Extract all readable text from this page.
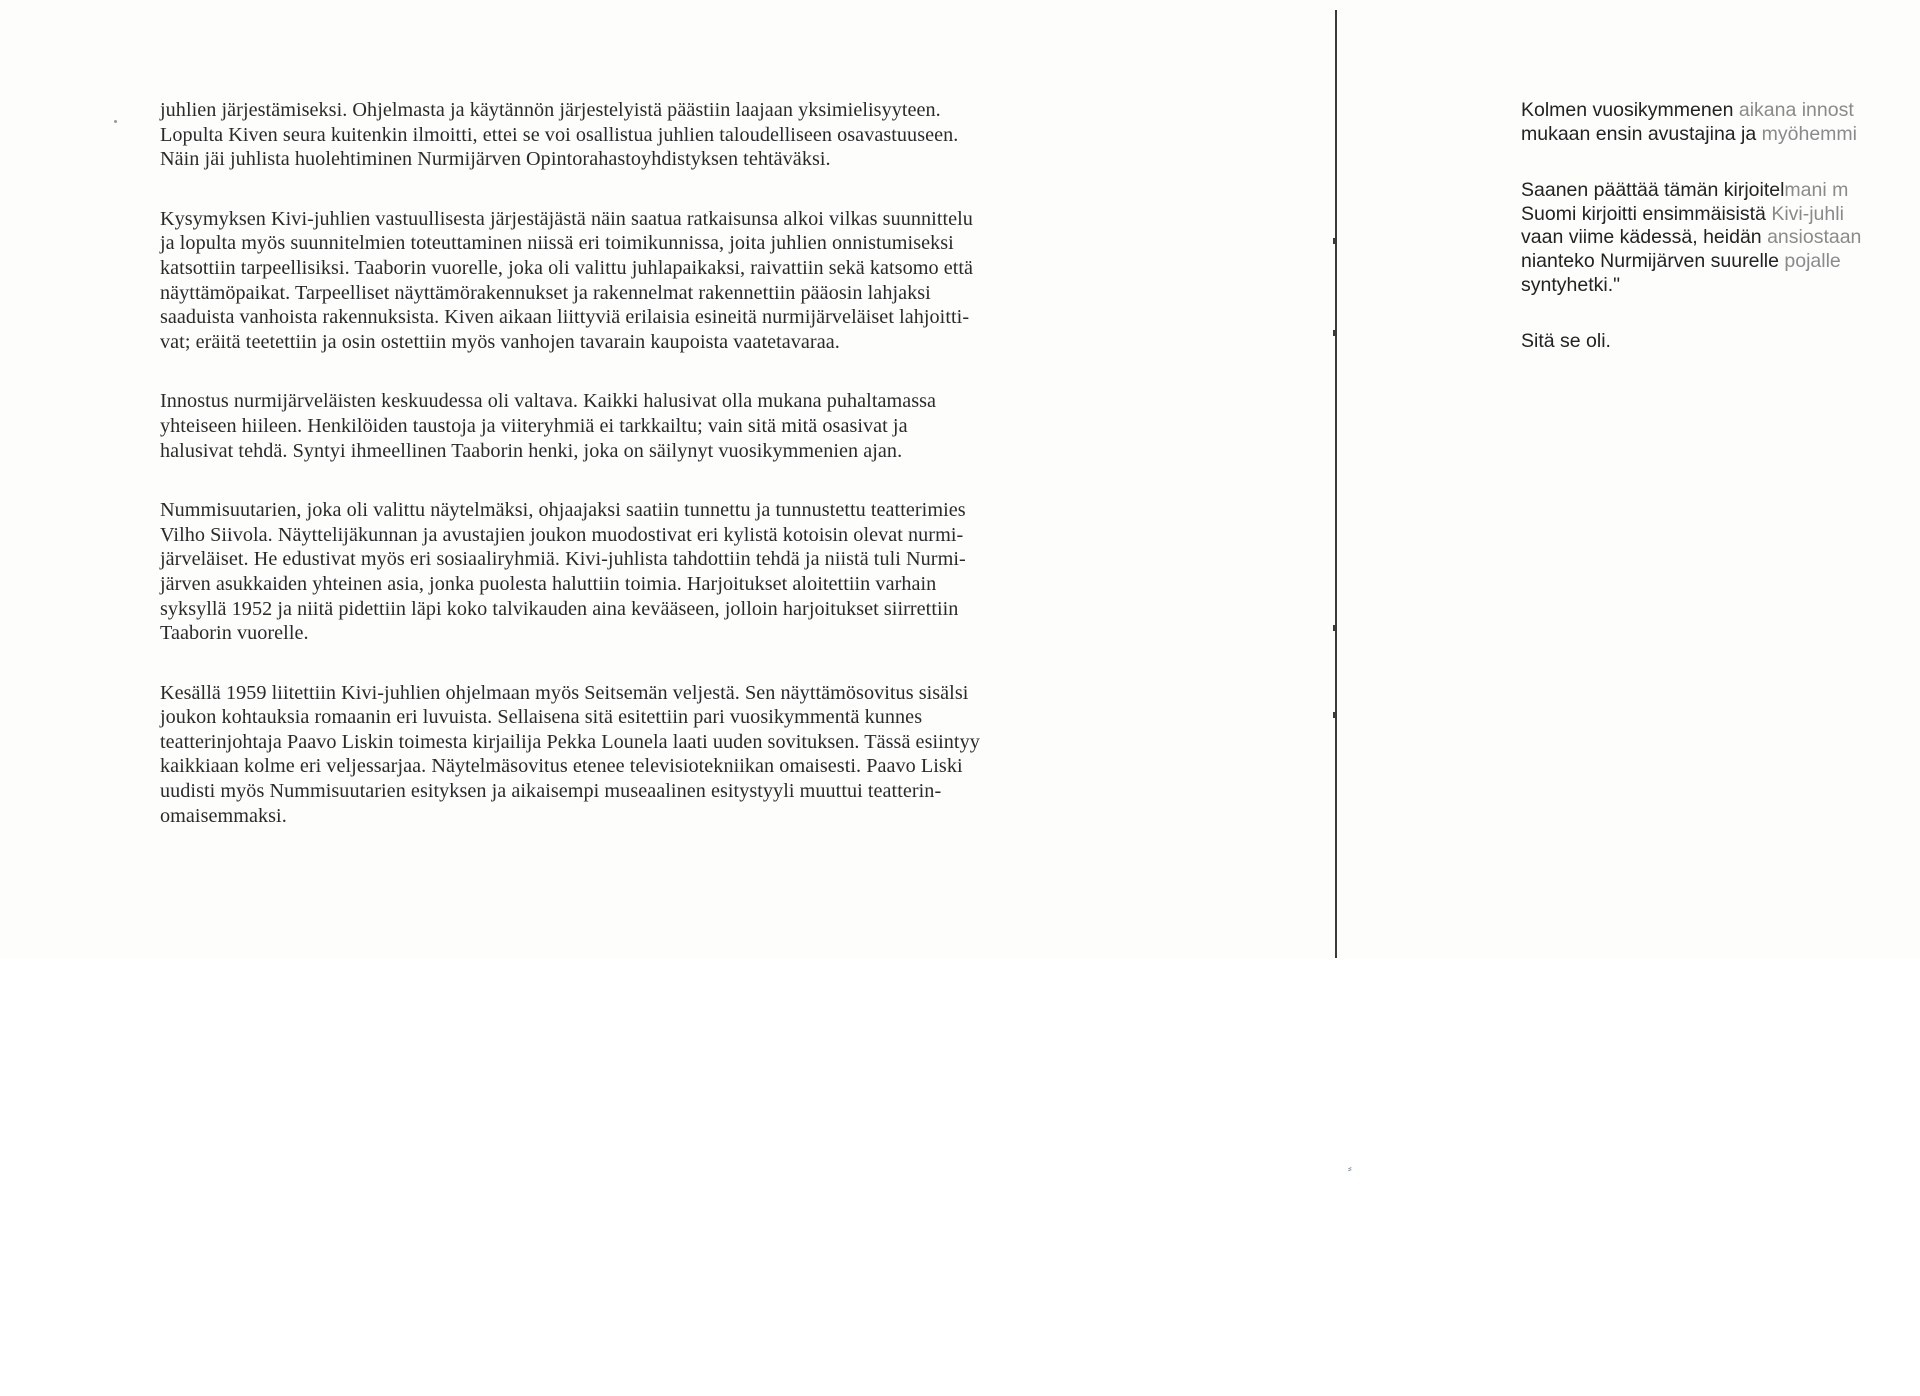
juhlien järjestämiseksi. Ohjelmasta ja käytännön järjestelyistä päästiin laajaan yksimielisyyteen.
Lopulta Kiven seura kuitenkin ilmoitti, ettei se voi osallistua juhlien taloudelliseen osavastuuseen.
Näin jäi juhlista huolehtiminen Nurmijärven Opintorahastoyhdistyksen tehtäväksi.
Kysymyksen Kivi-juhlien vastuullisesta järjestäjästä näin saatua ratkaisunsa alkoi vilkas suunnittelu
ja lopulta myös suunnitelmien toteuttaminen niissä eri toimikunnissa, joita juhlien onnistumiseksi
katsottiin tarpeellisiksi. Taaborin vuorelle, joka oli valittu juhlapaikaksi, raivattiin sekä katsomo että
näyttämöpaikat. Tarpeelliset näyttämörakennukset ja rakennelmat rakennettiin pääosin lahjaksi
saaduista vanhoista rakennuksista. Kiven aikaan liittyviä erilaisia esineitä nurmijärveläiset lahjoitti-
vat; eräitä teetettiin ja osin ostettiin myös vanhojen tavarain kaupoista vaatetavaraa.
Innostus nurmijärveläisten keskuudessa oli valtava. Kaikki halusivat olla mukana puhaltamassa
yhteiseen hiileen. Henkilöiden taustoja ja viiteryhmiä ei tarkkailtu; vain sitä mitä osasivat ja
halusivat tehdä. Syntyi ihmeellinen Taaborin henki, joka on säilynyt vuosikymmenien ajan.
Nummisuutarien, joka oli valittu näytelmäksi, ohjaajaksi saatiin tunnettu ja tunnustettu teatterimies
Vilho Siivola. Näyttelijäkunnan ja avustajien joukon muodostivat eri kylistä kotoisin olevat nurmi-
järveläiset. He edustivat myös eri sosiaaliryhmiä. Kivi-juhlista tahdottiin tehdä ja niistä tuli Nurmi-
järven asukkaiden yhteinen asia, jonka puolesta haluttiin toimia. Harjoitukset aloitettiin varhain
syksyllä 1952 ja niitä pidettiin läpi koko talvikauden aina kevääseen, jolloin harjoitukset siirrettiin
Taaborin vuorelle.
Kesällä 1959 liitettiin Kivi-juhlien ohjelmaan myös Seitsemän veljestä. Sen näyttämösovitus sisälsi
joukon kohtauksia romaanin eri luvuista. Sellaisena sitä esitettiin pari vuosikymmentä kunnes
teatterinjohtaja Paavo Liskin toimesta kirjailija Pekka Lounela laati uuden sovituksen. Tässä esiintyy
kaikkiaan kolme eri veljessarjaa. Näytelmäsovitus etenee televisiotekniikan omaisesti. Paavo Liski
uudisti myös Nummisuutarien esityksen ja aikaisempi museaalinen esitystyyli muuttui teatterin-
omaisemmaksi.
Kolmen vuosikymmenen aikana innost
mukaan ensin avustajina ja myöhemmi
Saanen päättää tämän kirjoitelmani m
Suomi kirjoitti ensimmäisistä Kivi-juhli
vaan viime kädessä, heidän ansiostaan
nianteko Nurmijärven suurelle pojalle
syntyhetki."
Sitä se oli.
⸗
